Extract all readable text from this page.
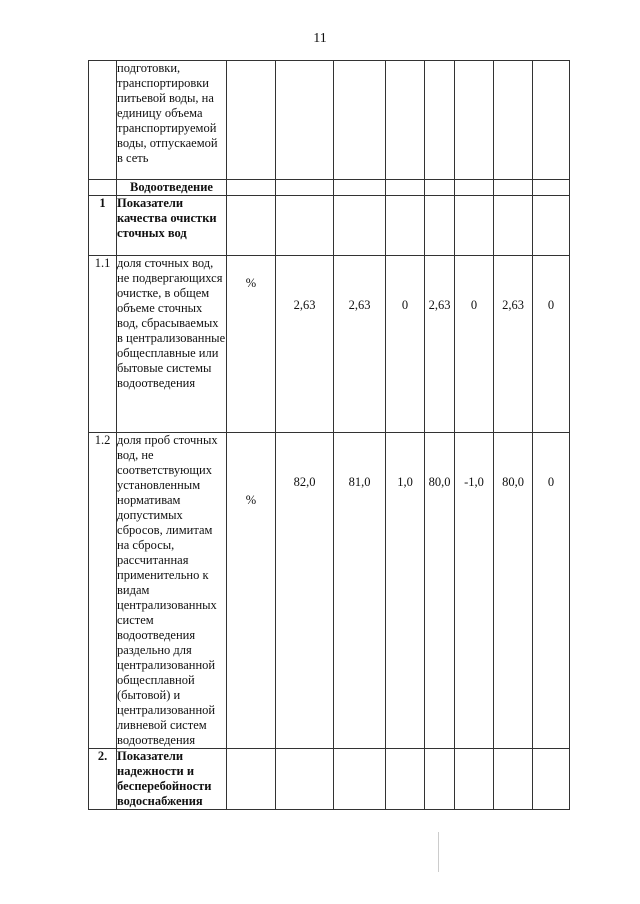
11
	подготовки, транспортировки питьевой воды, на единицу объема транспортируемой воды, отпускаемой в сеть								
	Водоотведение								
1	Показатели качества очистки сточных вод								
1.1	доля сточных вод, не подвергающихся очистке, в общем объеме сточных вод, сбрасываемых в централизованные общесплавные или бытовые системы водоотведения	%	2,63	2,63	0	2,63	0	2,63	0

1.2	доля проб сточных вод, не соответствующих установленным нормативам допустимых сбросов, лимитам на сбросы, рассчитанная применительно к видам централизованных систем водоотведения раздельно для централизованной общесплавной (бытовой) и централизованной ливневой систем водоотведения	%	82,0	81,0	1,0	80,0	-1,0	80,0	0

2.	Показатели надежности и бесперебойности водоснабжения								
